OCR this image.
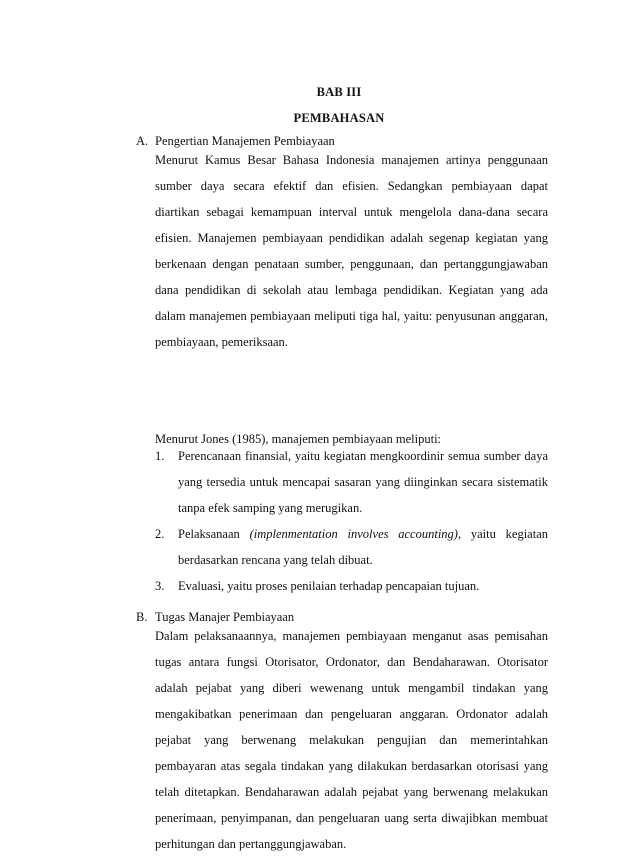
BAB III
PEMBAHASAN
A. Pengertian Manajemen Pembiayaan

Menurut Kamus Besar Bahasa Indonesia manajemen artinya penggunaan sumber daya secara efektif dan efisien. Sedangkan pembiayaan dapat diartikan sebagai kemampuan interval untuk mengelola dana-dana secara efisien. Manajemen pembiayaan pendidikan adalah segenap kegiatan yang berkenaan dengan penataan sumber, penggunaan, dan pertanggungjawaban dana pendidikan di sekolah atau lembaga pendidikan. Kegiatan yang ada dalam manajemen pembiayaan meliputi tiga hal, yaitu: penyusunan anggaran, pembiayaan, pemeriksaan.

Menurut Jones (1985), manajemen pembiayaan meliputi:

1. Perencanaan finansial, yaitu kegiatan mengkoordinir semua sumber daya yang tersedia untuk mencapai sasaran yang diinginkan secara sistematik tanpa efek samping yang merugikan.
2. Pelaksanaan (implenmentation involves accounting), yaitu kegiatan berdasarkan rencana yang telah dibuat.
3. Evaluasi, yaitu proses penilaian terhadap pencapaian tujuan.
B. Tugas Manajer Pembiayaan

Dalam pelaksanaannya, manajemen pembiayaan menganut asas pemisahan tugas antara fungsi Otorisator, Ordonator, dan Bendaharawan. Otorisator adalah pejabat yang diberi wewenang untuk mengambil tindakan yang mengakibatkan penerimaan dan pengeluaran anggaran. Ordonator adalah pejabat yang berwenang melakukan pengujian dan memerintahkan pembayaran atas segala tindakan yang dilakukan berdasarkan otorisasi yang telah ditetapkan. Bendaharawan adalah pejabat yang berwenang melakukan penerimaan, penyimpanan, dan pengeluaran uang serta diwajibkan membuat perhitungan dan pertanggungjawaban.
